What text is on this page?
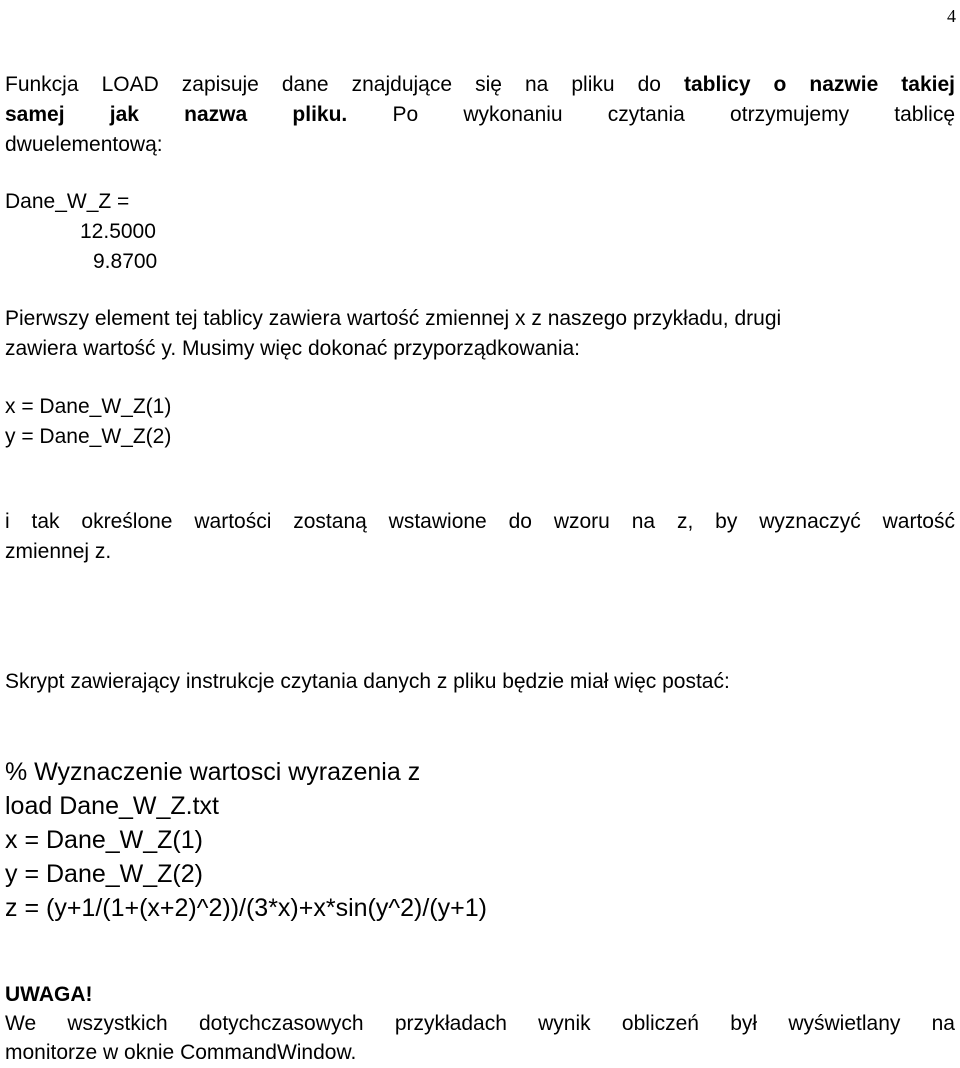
4
Funkcja LOAD zapisuje dane znajdujące się na pliku do tablicy o nazwie takiej
samej jak nazwa pliku. Po wykonaniu czytania otrzymujemy tablicę
dwuelementową:
Dane_W_Z =
12.5000
9.8700
Pierwszy element tej tablicy zawiera wartość zmiennej x z naszego przykładu, drugi
zawiera wartość y. Musimy więc dokonać przyporządkowania:
x = Dane_W_Z(1)
y = Dane_W_Z(2)
i tak określone wartości zostaną wstawione do wzoru na z, by wyznaczyć wartość
zmiennej z.
Skrypt zawierający instrukcje czytania danych z pliku będzie miał więc postać:
% Wyznaczenie wartosci wyrazenia z
load Dane_W_Z.txt
x = Dane_W_Z(1)
y = Dane_W_Z(2)
z = (y+1/(1+(x+2)^2))/(3*x)+x*sin(y^2)/(y+1)
UWAGA!
We wszystkich dotychczasowych przykładach wynik obliczeń był wyświetlany na
monitorze w oknie CommandWindow.
